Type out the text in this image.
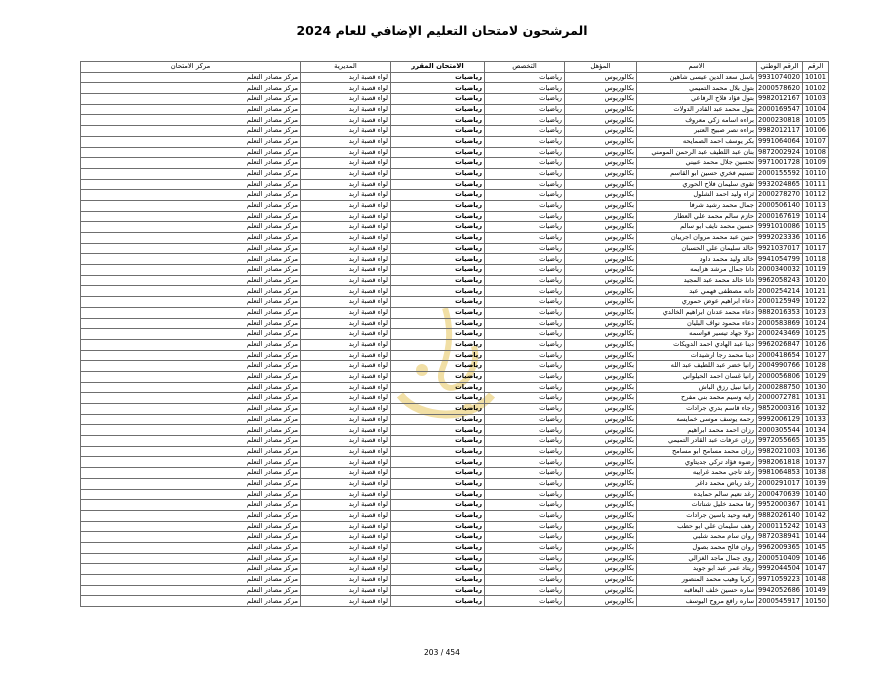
المرشحون لامتحان التعليم الإضافي للعام 2024
الرقم	الرقم الوطني	الاسم	المؤهل	التخصص	الامتحان المقرر	المديرية	مركز الامتحان
10101	9931074020	باسل سعد الدين عيسى شاهين	بكالوريوس	رياضيات	رياضيات	لواء قصبة اربد	مركز مصادر التعلم
10102	2000578620	بتول بلال محمد التميمي	بكالوريوس	رياضيات	رياضيات	لواء قصبة اربد	مركز مصادر التعلم
10103	9982012167	بتول فؤاد فلاح الرفاعي	بكالوريوس	رياضيات	رياضيات	لواء قصبة اربد	مركز مصادر التعلم
10104	2000169547	بتول محمد عبد القادر الدولات	بكالوريوس	رياضيات	رياضيات	لواء قصبة اربد	مركز مصادر التعلم
10105	2000230818	براءه اسامه زكي معروف	بكالوريوس	رياضيات	رياضيات	لواء قصبة اربد	مركز مصادر التعلم
10106	9982012117	براءه نصر صبيح العتبر	بكالوريوس	رياضيات	رياضيات	لواء قصبة اربد	مركز مصادر التعلم
10107	9991064064	بكر يوسف احمد الصمايحه	بكالوريوس	رياضيات	رياضيات	لواء قصبة اربد	مركز مصادر التعلم
10108	9872002924	بنان عبد اللطيف عبد الرحمن المومني	بكالوريوس	رياضيات	رياضيات	لواء قصبة اربد	مركز مصادر التعلم
10109	9971001728	تحسين جلال محمد عبيني	بكالوريوس	رياضيات	رياضيات	لواء قصبة اربد	مركز مصادر التعلم
10110	2000155592	تسنيم فخري حسين ابو القاسم	بكالوريوس	رياضيات	رياضيات	لواء قصبة اربد	مركز مصادر التعلم
10111	9932024865	تقوى سليمان فلاح الحوري	بكالوريوس	رياضيات	رياضيات	لواء قصبة اربد	مركز مصادر التعلم
10112	2000278270	ثراء وليد احمد الشلول	بكالوريوس	رياضيات	رياضيات	لواء قصبة اربد	مركز مصادر التعلم
10113	2000506140	جمال محمد رشيد شرفا	بكالوريوس	رياضيات	رياضيات	لواء قصبة اربد	مركز مصادر التعلم
10114	2000167619	حازم سالم محمد علي العطار	بكالوريوس	رياضيات	رياضيات	لواء قصبة اربد	مركز مصادر التعلم
10115	9991010086	حسين محمد نايف ابو سالم	بكالوريوس	رياضيات	رياضيات	لواء قصبة اربد	مركز مصادر التعلم
10116	9992023336	حنين عبد محمد مروان اجرييان	بكالوريوس	رياضيات	رياضيات	لواء قصبة اربد	مركز مصادر التعلم
10117	9921037017	خالد سليمان علي الحسبان	بكالوريوس	رياضيات	رياضيات	لواء قصبة اربد	مركز مصادر التعلم
10118	9941054799	خالد وليد محمد داود	بكالوريوس	رياضيات	رياضيات	لواء قصبة اربد	مركز مصادر التعلم
10119	2000340032	دانا جمال مرشد هزايمه	بكالوريوس	رياضيات	رياضيات	لواء قصبة اربد	مركز مصادر التعلم
10120	9962058243	دانا خالد محمد عبد المجيد	بكالوريوس	رياضيات	رياضيات	لواء قصبة اربد	مركز مصادر التعلم
10121	2000254214	دانه مصطفى فهمي عبد	بكالوريوس	رياضيات	رياضيات	لواء قصبة اربد	مركز مصادر التعلم
10122	2000125949	دعاء ابراهيم عوض حموري	بكالوريوس	رياضيات	رياضيات	لواء قصبة اربد	مركز مصادر التعلم
10123	9882016353	دعاء محمد عدنان ابراهيم الخالدي	بكالوريوس	رياضيات	رياضيات	لواء قصبة اربد	مركز مصادر التعلم
10124	2000583869	دعاء محمود نواف البليان	بكالوريوس	رياضيات	رياضيات	لواء قصبة اربد	مركز مصادر التعلم
10125	2000243469	دولا جهاد تيسير قواسمه	بكالوريوس	رياضيات	رياضيات	لواء قصبة اربد	مركز مصادر التعلم
10126	9962026847	دينا عبد الهادي احمد الدويكات	بكالوريوس	رياضيات	رياضيات	لواء قصبة اربد	مركز مصادر التعلم
10127	2000418654	دينا محمد رجا ارشيدات	بكالوريوس	رياضيات	رياضيات	لواء قصبة اربد	مركز مصادر التعلم
10128	2004990766	رانيا خضر عبد اللطيف عبد الله	بكالوريوس	رياضيات	رياضيات	لواء قصبة اربد	مركز مصادر التعلم
10129	2000056806	رانيا غسان احمد الحيلواني	بكالوريوس	رياضيات	رياضيات	لواء قصبة اربد	مركز مصادر التعلم
10130	2000288750	رانيا نبيل رزق الباش	بكالوريوس	رياضيات	رياضيات	لواء قصبة اربد	مركز مصادر التعلم
10131	2000072781	رايه وسيم محمد بني مفرح	بكالوريوس	رياضيات	رياضيات	لواء قصبة اربد	مركز مصادر التعلم
10132	9852000316	رجاء قاسم بدري جرادات	بكالوريوس	رياضيات	رياضيات	لواء قصبة اربد	مركز مصادر التعلم
10133	9992006129	رحمه يوسف موسى خمايسه	بكالوريوس	رياضيات	رياضيات	لواء قصبة اربد	مركز مصادر التعلم
10134	2000305544	رزان احمد محمد ابراهيم	بكالوريوس	رياضيات	رياضيات	لواء قصبة اربد	مركز مصادر التعلم
10135	9972055665	رزان عرفات عبد القادر التميمي	بكالوريوس	رياضيات	رياضيات	لواء قصبة اربد	مركز مصادر التعلم
10136	9982021003	رزان محمد مسامح ابو مسامح	بكالوريوس	رياضيات	رياضيات	لواء قصبة اربد	مركز مصادر التعلم
10137	9982061818	رضوه فؤاد تركي جديتاوي	بكالوريوس	رياضيات	رياضيات	لواء قصبة اربد	مركز مصادر التعلم
10138	9981064853	رغد تاجي محمد غرايبه	بكالوريوس	رياضيات	رياضيات	لواء قصبة اربد	مركز مصادر التعلم
10139	2000291017	رغد رياض محمد داغر	بكالوريوس	رياضيات	رياضيات	لواء قصبة اربد	مركز مصادر التعلم
10140	2000470639	رغد نعيم سالم حمايده	بكالوريوس	رياضيات	رياضيات	لواء قصبة اربد	مركز مصادر التعلم
10141	9952000367	رفا محمد خليل شناتات	بكالوريوس	رياضيات	رياضيات	لواء قصبة اربد	مركز مصادر التعلم
10142	9882026140	رقيه وحيد ياسين جرادات	بكالوريوس	رياضيات	رياضيات	لواء قصبة اربد	مركز مصادر التعلم
10143	2000115242	رهف سليمان علي ابو حطب	بكالوريوس	رياضيات	رياضيات	لواء قصبة اربد	مركز مصادر التعلم
10144	9872038941	روان سام محمد شلبي	بكالوريوس	رياضيات	رياضيات	لواء قصبة اربد	مركز مصادر التعلم
10145	9962009365	روان فالح محمد بصول	بكالوريوس	رياضيات	رياضيات	لواء قصبة اربد	مركز مصادر التعلم
10146	2000510409	روى جمال ماجد الغزالي	بكالوريوس	رياضيات	رياضيات	لواء قصبة اربد	مركز مصادر التعلم
10147	9992044504	ريتاد عمر عبد ابو جويد	بكالوريوس	رياضيات	رياضيات	لواء قصبة اربد	مركز مصادر التعلم
10148	9971059223	زكريا وهيب محمد المنصور	بكالوريوس	رياضيات	رياضيات	لواء قصبة اربد	مركز مصادر التعلم
10149	9942052686	ساره حسين خلف البعاقبه	بكالوريوس	رياضيات	رياضيات	لواء قصبة اربد	مركز مصادر التعلم
10150	2000545917	ساره رافع مروح اليوسف	بكالوريوس	رياضيات	رياضيات	لواء قصبة اربد	مركز مصادر التعلم
203 / 454
